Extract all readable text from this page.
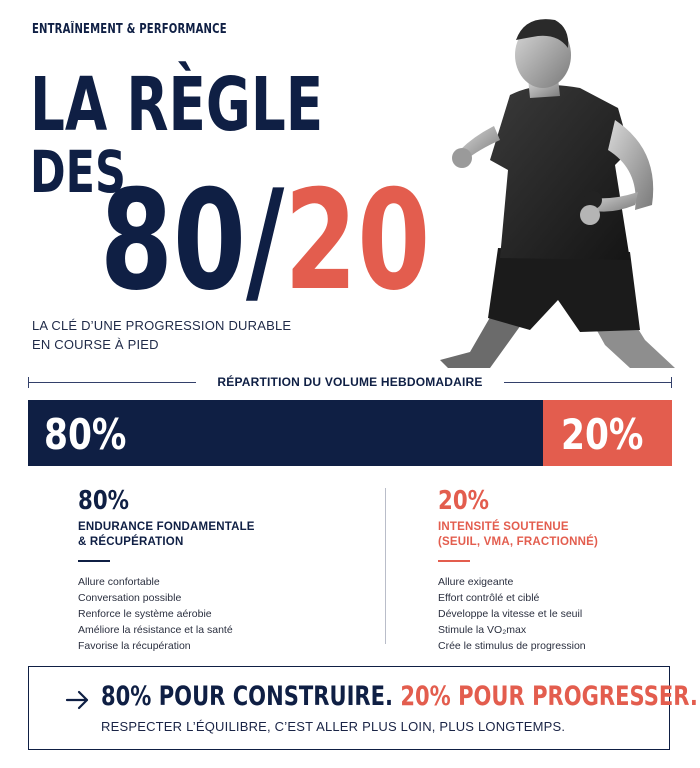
ENTRAÎNEMENT & PERFORMANCE
LA RÈGLE
DES
80/20
LA CLÉ D’UNE PROGRESSION DURABLE
EN COURSE À PIED
RÉPARTITION DU VOLUME HEBDOMADAIRE
80%	20%
80%
ENDURANCE FONDAMENTALE
& RÉCUPÉRATION
Allure confortable
Conversation possible
Renforce le système aérobie
Améliore la résistance et la santé
Favorise la récupération
20%
INTENSITÉ SOUTENUE
(SEUIL, VMA, FRACTIONNÉ)
Allure exigeante
Effort contrôlé et ciblé
Développe la vitesse et le seuil
Stimule la VO₂max
Crée le stimulus de progression
80% POUR CONSTRUIRE. 20% POUR PROGRESSER.
RESPECTER L’ÉQUILIBRE, C’EST ALLER PLUS LOIN, PLUS LONGTEMPS.
